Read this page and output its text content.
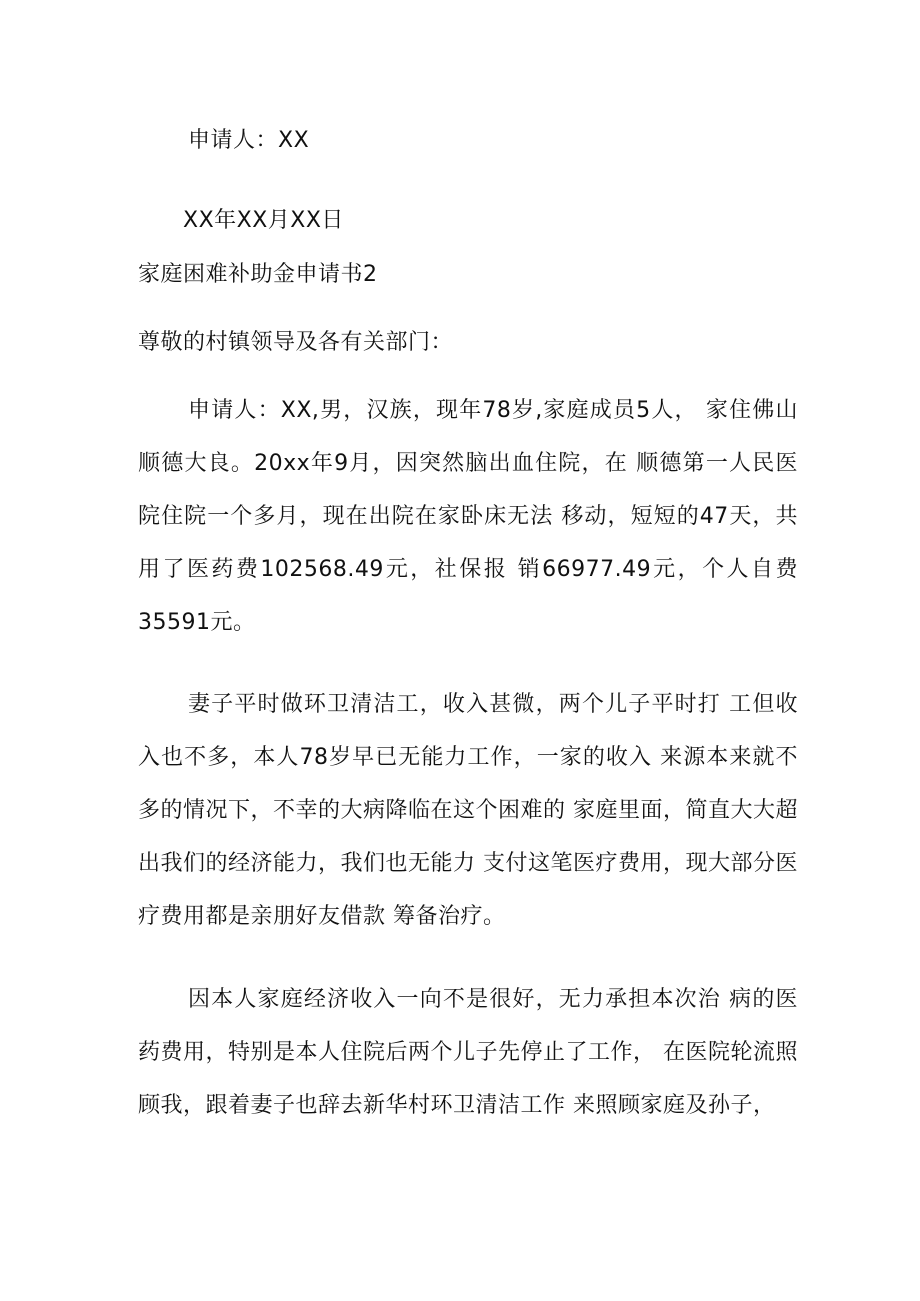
申请人：XX
XX年XX月XX日
家庭困难补助金申请书2
尊敬的村镇领导及各有关部门：
申请人：XX,男，汉族，现年78岁,家庭成员5人， 家住佛山顺德大良。20xx年9月，因突然脑出血住院，在 顺德第一人民医院住院一个多月，现在出院在家卧床无法 移动，短短的47天，共用了医药费102568.49元，社保报 销66977.49元，个人自费35591元。
妻子平时做环卫清洁工，收入甚微，两个儿子平时打 工但收入也不多，本人78岁早已无能力工作，一家的收入 来源本来就不多的情况下，不幸的大病降临在这个困难的 家庭里面，简直大大超出我们的经济能力，我们也无能力 支付这笔医疗费用，现大部分医疗费用都是亲朋好友借款 筹备治疗。
因本人家庭经济收入一向不是很好，无力承担本次治 病的医药费用，特别是本人住院后两个儿子先停止了工作， 在医院轮流照顾我，跟着妻子也辞去新华村环卫清洁工作 来照顾家庭及孙子，
